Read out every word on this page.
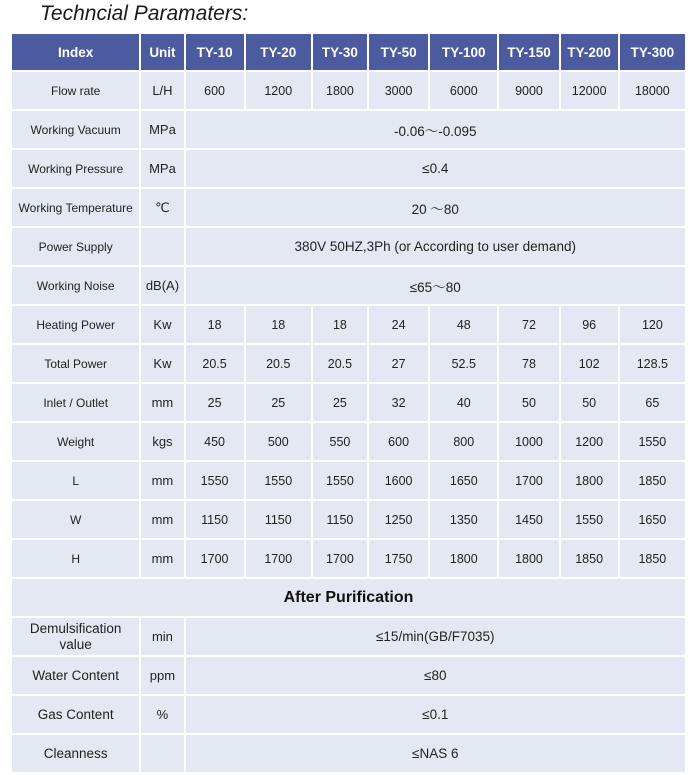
Techncial Paramaters:
Index	Unit	TY-10	TY-20	TY-30	TY-50	TY-100	TY-150	TY-200	TY-300
Flow rate	L/H	600	1200	1800	3000	6000	9000	12000	18000
Working Vacuum	MPa	-0.06～-0.095							
Working Pressure	MPa	≤0.4							
Working Temperature	℃	20 ～80							
Power Supply		380V 50HZ,3Ph (or According to user demand)							
Working Noise	dB(A)	≤65～80							
Heating Power	Kw	18	18	18	24	48	72	96	120
Total Power	Kw	20.5	20.5	20.5	27	52.5	78	102	128.5
Inlet / Outlet	mm	25	25	25	32	40	50	50	65
Weight	kgs	450	500	550	600	800	1000	1200	1550
L	mm	1550	1550	1550	1600	1650	1700	1800	1850
W	mm	1150	1150	1150	1250	1350	1450	1550	1650
H	mm	1700	1700	1700	1750	1800	1800	1850	1850
After Purification									
Demulsification value	min	≤15/min(GB/F7035)							
Water Content	ppm	≤80							
Gas Content	%	≤0.1							
Cleanness		≤NAS 6							
